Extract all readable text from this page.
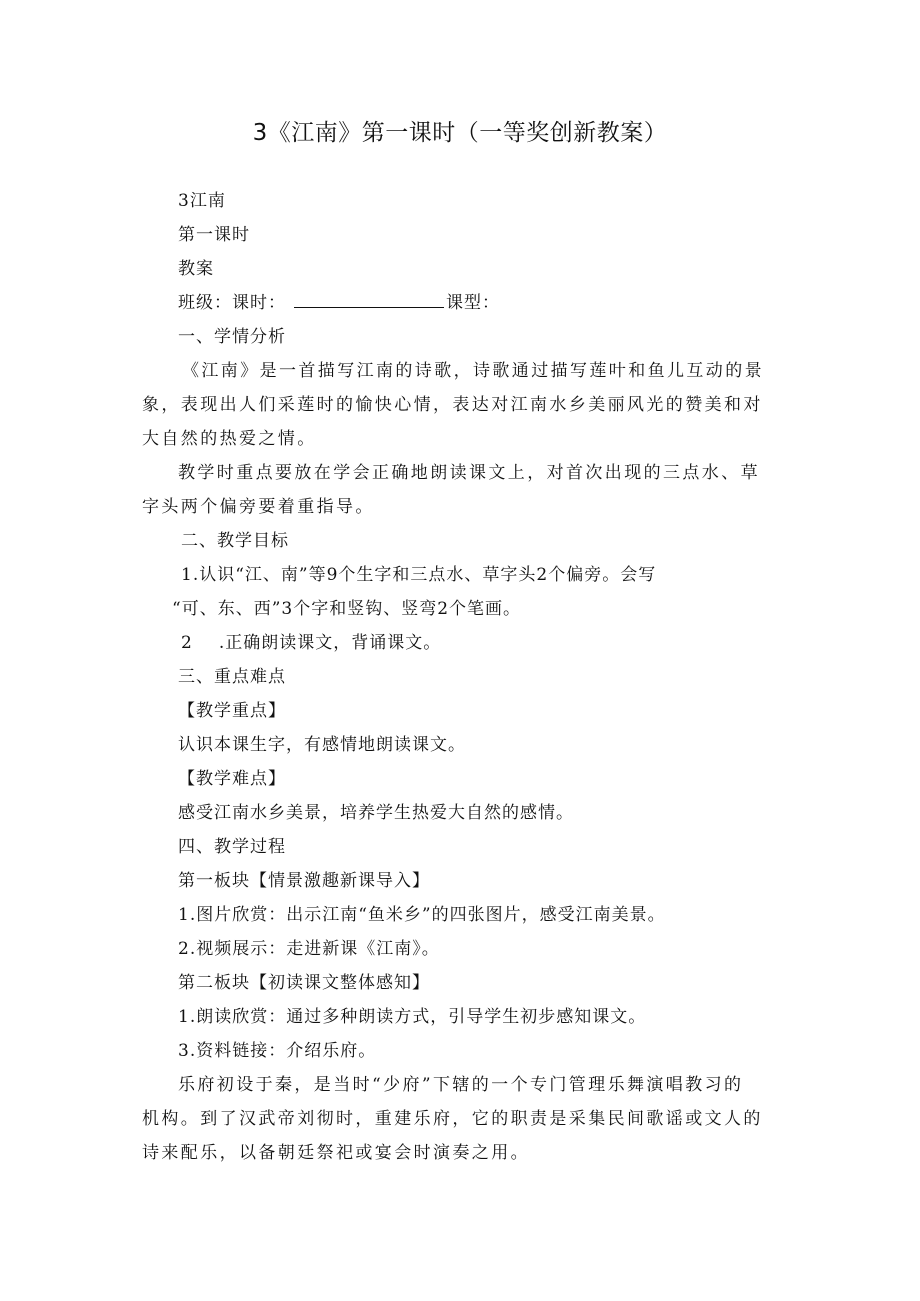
3《江南》第一课时（一等奖创新教案）
3江南
第一课时
教案
班级：课时：	课型：
一、学情分析
《江南》是一首描写江南的诗歌，诗歌通过描写莲叶和鱼儿互动的景
象，表现出人们采莲时的愉快心情，表达对江南水乡美丽风光的赞美和对
大自然的热爱之情。
教学时重点要放在学会正确地朗读课文上，对首次出现的三点水、草
字头两个偏旁要着重指导。
二、教学目标
1.认识“江、南”等9个生字和三点水、草字头2个偏旁。会写
“可、东、西”3个字和竖钩、竖弯2个笔画。
2 .正确朗读课文，背诵课文。
三、重点难点
【教学重点】
认识本课生字，有感情地朗读课文。
【教学难点】
感受江南水乡美景，培养学生热爱大自然的感情。
四、教学过程
第一板块【情景激趣新课导入】
1.图片欣赏：出示江南“鱼米乡”的四张图片，感受江南美景。
2.视频展示：走进新课《江南》。
第二板块【初读课文整体感知】
1.朗读欣赏：通过多种朗读方式，引导学生初步感知课文。
3.资料链接：介绍乐府。
乐府初设于秦，是当时“少府”下辖的一个专门管理乐舞演唱教习的
机构。到了汉武帝刘彻时，重建乐府，它的职责是采集民间歌谣或文人的
诗来配乐，以备朝廷祭祀或宴会时演奏之用。
